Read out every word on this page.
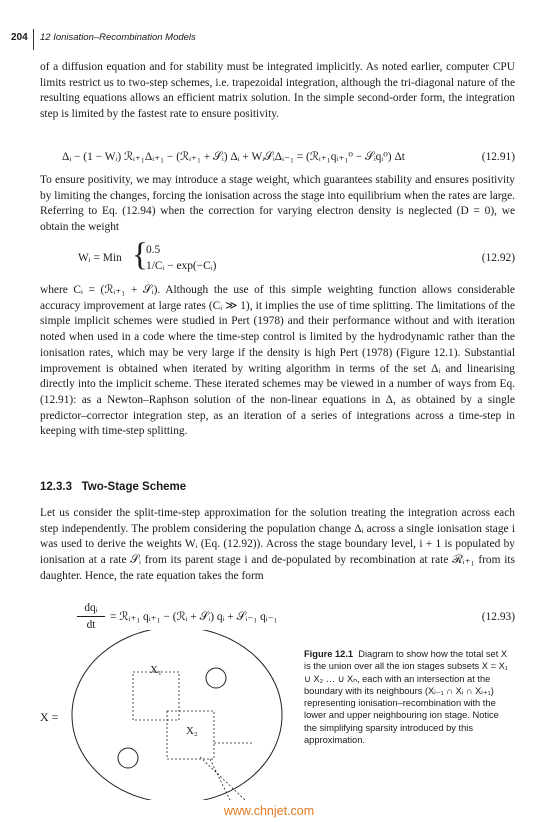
204 12 Ionisation–Recombination Models
of a diffusion equation and for stability must be integrated implicitly. As noted earlier, computer CPU limits restrict us to two-step schemes, i.e. trapezoidal integration, although the tri-diagonal nature of the resulting equations allows an efficient matrix solution. In the simple second-order form, the integration step is limited by the fastest rate to ensure positivity.
Δᵢ − (1 − Wᵢ) ℛᵢ₊₁Δᵢ₊₁ − (ℛᵢ₊₁ + 𝒮ᵢ) Δᵢ + Wᵢ𝒮ᵢΔᵢ₋₁ = (ℛᵢ₊₁qᵢ₊₁⁰ − 𝒮ᵢqᵢ⁰) Δt	(12.91)
To ensure positivity, we may introduce a stage weight, which guarantees stability and ensures positivity by limiting the changes, forcing the ionisation across the stage into equilibrium when the rates are large. Referring to Eq. (12.94) when the correction for varying electron density is neglected (D = 0), we obtain the weight
Wᵢ = Min {
0.5
1/Cᵢ − exp(−Cᵢ)
(12.92)
where Cᵢ = (ℛᵢ₊₁ + 𝒮ᵢ). Although the use of this simple weighting function allows considerable accuracy improvement at large rates (Cᵢ ≫ 1), it implies the use of time splitting. The limitations of the simple implicit schemes were studied in Pert (1978) and their performance without and with iteration noted when used in a code where the time-step control is limited by the hydrodynamic rather than the ionisation rates, which may be very large if the density is high Pert (1978) (Figure 12.1). Substantial improvement is obtained when iterated by writing algorithm in terms of the set Δᵢ and linearising directly into the implicit scheme. These iterated schemes may be viewed in a number of ways from Eq. (12.91): as a Newton–Raphson solution of the non-linear equations in Δ, as obtained by a single predictor–corrector integration step, as an iteration of a series of integrations across a time-step in keeping with time-step splitting.
12.3.3 Two-Stage Scheme
Let us consider the split-time-step approximation for the solution treating the integration across each step independently. The problem considering the population change Δᵢ across a single ionisation stage i was used to derive the weights Wᵢ (Eq. (12.92)). Across the stage boundary level, i + 1 is populated by ionisation at a rate 𝒮ᵢ from its parent stage i and de-populated by recombination at rate ℛᵢ₊₁ from its daughter. Hence, the rate equation takes the form
dqᵢ
dt
= ℛᵢ₊₁ qᵢ₊₁ − (ℛᵢ + 𝒮ᵢ) qᵢ + 𝒮ᵢ₋₁ qᵢ₋₁	(12.93)
X =
X₁
X₂
Figure 12.1 Diagram to show how the total set X is the union over all the ion stages subsets X = X₁ ∪ X₂ … ∪ Xₙ, each with an intersection at the boundary with its neighbours (Xᵢ₋₁ ∩ Xᵢ ∩ Xᵢ₊₁) representing ionisation–recombination with the lower and upper neighbouring ion stage. Notice the simplifying sparsity introduced by this approximation.
www.chnjet.com
